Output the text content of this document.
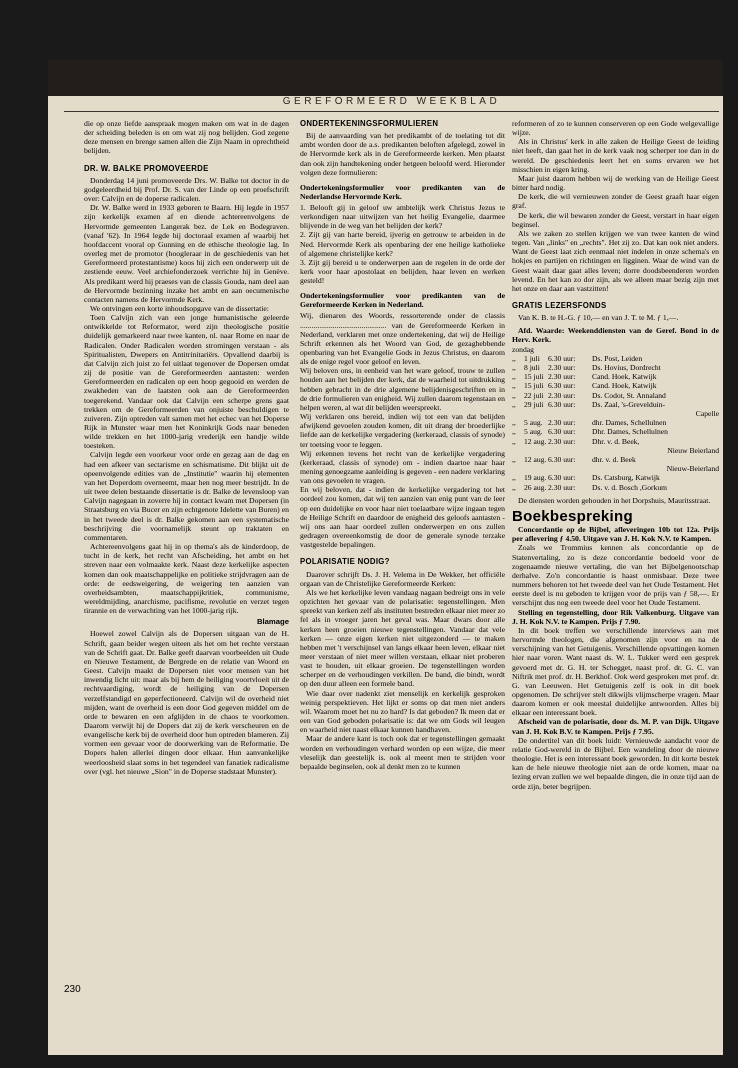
GEREFORMEERD WEEKBLAD

die op onze liefde aanspraak mogen maken om wat in de dagen der scheiding beleden is en om wat zij nog belijden. God zegene deze mensen en brenge samen allen die Zijn Naam in oprechtheid belijden.

DR. W. BALKE PROMOVEERDE

Donderdag 14 juni promoveerde Drs. W. Balke tot doctor in de godgeleerdheid bij Prof. Dr. S. van der Linde op een proefschrift over: Calvijn en de doperse radicalen.

Dr. W. Balke werd in 1933 geboren te Baarn. Hij legde in 1957 zijn kerkelijk examen af en diende achtereenvolgens de Hervormde gemeenten Langerak bez. de Lek en Bodegraven. (vanaf '62). In 1964 legde hij doctoraal examen af waarbij het hoofdaccent vooral op Gunning en de ethische theologie lag. In overleg met de promotor (hoogleraar in de geschiedenis van het Gereformeerd protestantisme) koos hij zich een onderwerp uit de zestiende eeuw. Veel archiefonderzoek verrichte hij in Genève. Als predikant werd hij praeses van de classis Gouda, nam deel aan de Hervormde bezinning inzake het ambt en aan oecumenische contacten namens de Hervormde Kerk.

We ontvingen een korte inhoudsopgave van de dissertatie:

Toen Calvijn zich van een jonge humanistische geleerde ontwikkelde tot Reformator, werd zijn theologische positie duidelijk gemarkeerd naar twee kanten, nl. naar Rome en naar de Radicalen. Onder Radicalen worden stromingen verstaan - als Spiritualisten, Dwepers en Antitrinitariërs. Opvallend daarbij is dat Calvijn zich juist zo fel uitlaat tegenover de Dopersen omdat zij de positie van de Gereformeerden aantasten: werden Gereformeerden en radicalen op een hoop gegooid en werden de zwakheden van de laatsten ook aan de Gereformeerden toegerekend. Vandaar ook dat Calvijn een scherpe grens gaat trekken om de Gereformeerden van onjuiste beschuldigen te zuiveren. Zijn optreden valt samen met het echec van het Doperse Rijk in Munster waar men het Koninkrijk Gods naar beneden wilde trekken en het 1000-jarig vrederijk een handje wilde toesteken.

Calvijn legde een voorkeur voor orde en gezag aan de dag en had een afkeer van sectarisme en schismatisme. Dit blijkt uit de opeenvolgende edities van de „Institutie" waarin hij elementen van het Doperdom overneemt, maar hen nog meer bestrijdt. In de uit twee delen bestaande dissertatie is dr. Balke de levensloop van Calvijn nagegaan in zoverre hij in contact kwam met Dopersen (in Straatsburg en via Bucer en zijn echtgenote Idelette van Buren) en in het tweede deel is dr. Balke gekomen aan een systematische beschrijving die voornamelijk steunt op traktaten en commentaren.

Achtereenvolgens gaat hij in op thema's als de kinderdoop, de tucht in de kerk, het recht van Afscheiding, het ambt en het streven naar een volmaakte kerk. Naast deze kerkelijke aspecten komen dan ook maatschappelijke en politieke strijdvragen aan de orde: de eedsweigering, de weigering ten aanzien van overheidsambten, maatschappijkritiek, communisme, wereldmijding, anarchisme, pacifisme, revolutie en verzet tegen tirannie en de verwachting van het 1000-jarig rijk.

Blamage

Hoewel zowel Calvijn als de Dopersen uitgaan van de H. Schrift, gaan beider wegen uiteen als het om het rechte verstaan van de Schrift gaat. Dr. Balke geeft daarvan voorbeelden uit Oude en Nieuwe Testament, de Bergrede en de relatie van Woord en Geest. Calvijn maakt de Dopersen niet voor mensen van het inwendig licht uit: maar als bij hem de heiliging voortvloeit uit de rechtvaardiging, wordt de heiliging van de Dopersen verzelfstandigd en geperfectioneerd. Calvijn wil de overheid niet mijden, want de overheid is een door God gegeven middel om de orde te bewaren en een afglijden in de chaos te voorkomen. Daarom verwijt hij de Dopers dat zij de kerk verscheuren en de evangelische kerk bij de overheid door hun optreden blameren. Zij vormen een gevaar voor de doorwerking van de Reformatie. De Dopers halen allerlei dingen door elkaar. Hun aanvankelijke weerloosheid slaat soms in het tegendeel van fanatiek radicalisme over (vgl. het nieuwe „Sion" in de Doperse stadstaat Munster).

ONDERTEKENINGSFORMULIEREN

Bij de aanvaarding van het predikambt of de toelating tot dit ambt worden door de a.s. predikanten beloften afgelegd, zowel in de Hervormde kerk als in de Gereformeerde kerken. Men plaatst dan ook zijn handtekening onder hetgeen beloofd werd. Hieronder volgen deze formulieren:

Ondertekeningsformulier voor predikanten van de Nederlandse Hervormde Kerk.

1. Belooft gij in geloof uw ambtelijk werk Christus Jezus te verkondigen naar uitwijzen van het heilig Evangelie, daarmee blijvende in de weg van het belijden der kerk?

2. Zijt gij van harte bereid, ijverig en getrouw te arbeiden in de Ned. Hervormde Kerk als openbaring der ene heilige katholieke of algemene christelijke kerk?

3. Zijt gij bereid u te onderwerpen aan de regelen in de orde der kerk voor haar apostolaat en belijden, haar leven en werken gesteld!

Ondertekeningsformulier voor predikanten van de Gereformeerde Kerken in Nederland.

Wij, dienaren des Woords, ressorterende onder de classis ............................................. van de Gereformeerde Kerken in Nederland, verklaren met onze ondertekening, dat wij de Heilige Schrift erkennen als het Woord van God, de gezaghebbende openbaring van het Evangelie Gods in Jezus Christus, en daarom als de enige regel voor geloof en leven.

Wij beloven ons, in eenheid van het ware geloof, trouw te zullen houden aan het belijden der kerk, dat de waarheid tot uitdrukking hebben gebracht in de drie algemene belijdenisgeschriften en in de drie formulieren van enigheid. Wij zullen daarom tegenstaan en helpen weren, al wat dit belijden weerspreekt.

Wij verklaren ons bereid, indien wij tot een van dat belijden afwijkend gevoelen zouden komen, dit uit drang der broederlijke liefde aan de kerkelijke vergadering (kerkeraad, classis of synode) ter toetsing voor te leggen.

Wij erkennen tevens het recht van de kerkelijke vergadering (kerkeraad, classis of synode) om - indien daartoe naar haar mening genoegzame aanleiding is gegeven - een nadere verklaring van ons gevoelen te vragen.

En wij beloven, dat - indien de kerkelijke vergadering tot het oordeel zou komen, dat wij ten aanzien van enig punt van de leer op een duidelijke en voor haar niet toelaatbare wijze ingaan tegen de Heilige Schrift en daardoor de enigheid des geloofs aantasten - wij ons aan haar oordeel zullen onderwerpen en ons zullen gedragen overeenkomstig de door de generale synode terzake vastgestelde bepalingen.

POLARISATIE NODIG?

Daarover schrijft Ds. J. H. Velema in De Wekker, het officiële orgaan van de Christelijke Gereformeerde Kerken:

Als we het kerkelijke leven vandaag nagaan bedreigt ons in vele opzichten het gevaar van de polarisatie: tegenstellingen. Men spreekt van kerken zelf als instituten bestreden elkaar niet meer zo fel als in vroeger jaren het geval was. Maar dwars door alle kerken heen groeien nieuwe tegenstellingen. Vandaar dat vele kerken — onze eigen kerken niet uitgezonderd — te maken hebben met 't verschijnsel van langs elkaar heen leven, elkaar niet meer verstaan of niet meer willen verstaan, elkaar niet proberen vast te houden, uit elkaar groeien. De tegenstellingen worden scherper en de verhoudingen verkillen. De band, die bindt, wordt op den duur alleen een formele band.

Wie daar over nadenkt ziet menselijk en kerkelijk gesproken weinig perspektieven. Het lijkt er soms op dat men niet anders wil. Waarom moet het nu zo hard? Is dat geboden? Ik meen dat er een van God geboden polarisatie is: dat we om Gods wil leugen en waarheid niet naast elkaar kunnen handhaven.

Maar de andere kant is toch ook dat er tegenstellingen gemaakt worden en verhoudingen verhard worden op een wijze, die meer vleselijk dan geestelijk is. ook al meent men te strijden voor bepaalde beginselen, ook al denkt men zo te kunnen

reformeren of zo te kunnen conserveren op een Gode welgevallige wijze.

Als in Christus' kerk in alle zaken de Heilige Geest de leiding niet heeft, dan gaat het in de kerk vaak nog scherper toe dan in de wereld. De geschiedenis leert het en soms ervaren we het misschien in eigen kring.

Maar juist daarom hebben wij de werking van de Heilige Geest bitter hard nodig.

De kerk, die wil vernieuwen zonder de Geest graaft haar eigen graf.

De kerk, die wil bewaren zonder de Geest, verstart in haar eigen beginsel.

Als we zaken zo stellen krijgen we van twee kanten de wind tegen. Van „links" en „rechts". Het zij zo. Dat kan ook niet anders. Want de Geest laat zich eenmaal niet indelen in onze schema's en hokjes en partijen en richtingen en ligginen. Waar de wind van de Geest waait daar gaat alles leven; dorre doodsbeenderen worden levend. En het kan zo dor zijn, als we alleen maar bezig zijn met het onze en daar aan vastzitten!

GRATIS LEZERSFONDS

Van K. B. te H.-G. ƒ 10,— en van J. T. te M. ƒ 1,—.

Afd. Waarde: Weekenddiensten van de Geref. Bond in de Herv. Kerk.

zondag
,,	1 juli	6.30 uur:	Ds. Post, Leiden
,,	8 juli	2.30 uur:	Ds. Hovius, Dordrecht
,,	15 juli 2.30 uur:	Cand. Hoek, Katwijk
,,	15 juli 6.30 uur:	Cand. Hoek, Katwijk
,,	22 juli 2.30 uur:	Ds. Codot, St. Annaland
,,	29 juli 6.30 uur:	Ds. Zaal, 's-Grevelduin-
Capelle
,,	5 aug. 2.30 uur:	dhr. Dames, Schellulnen
,,	5 aug. 6.30 uur:	Dhr. Dames, Schellulnen
,,	12 aug. 2.30 uur:	Dhr. v. d. Beek,
Nieuw Beierland
,,	12 aug. 6.30 uur:	dhr. v. d. Beek
Nieuw-Beierland
,,	19 aug. 6.30 uur:	Ds. Catsburg, Katwijk
,,	26 aug. 2.30 uur:	Ds. v. d. Bosch ,Gorkum

De diensten worden gehouden in het Dorpshuis, Mauritsstraat.

Boekbespreking

Concordantie op de Bijbel, afleveringen 10b tot 12a. Prijs per aflevering ƒ 4.50. Uitgave van J. H. Kok N.V. te Kampen.

Zoals we Trommius kennen als concordantie op de Statenvertaling, zo is deze concordantie bedoeld voor de zogenaamde nieuwe vertaling, die van het Bijbelgenootschap derhalve. Zo'n concordantie is haast onmisbaar. Deze twee nummers behoren tot het tweede deel van het Oude Testament. Het eerste deel is nu geboden te krijgen voor de prijs van ƒ 58,—. Er verschijnt dus nog een tweede deel voor het Oude Testament.

Stelling en tegenstelling, door Rik Valkenburg. Uitgave van J. H. Kok N.V. te Kampen. Prijs ƒ 7.90.

In dit boek treffen we verschillende interviews aan met hervormde theologen, die afgenomen zijn voor en na de verschijning van het Getuigenis. Verschillende opvattingen komen hier naar voren. Want naast ds. W. L. Tukker werd een gesprek gevoerd met dr. G. H. ter Schegget, naast prof. dr. G. C. van Niftrik met prof. dr. H. Berkhof. Ook werd gesproken met prof. dr. G. van Leeuwen. Het Getuigenis zelf is ook in dit boek opgenomen. De schrijver stelt dikwijls vlijmscherpe vragen. Maar daarom komen er ook meestal duidelijke antwoorden. Alles bij elkaar een interessant boek.

Afscheid van de polarisatie, door ds. M. P. van Dijk. Uitgave van J. H. Kok B.V. te Kampen. Prijs ƒ 7.95.

De ondertitel van dit boek luidt: Vernieuwde aandacht voor de relatie God-wereld in de Bijbel. Een wandeling door de nieuwe theologie. Het is een interessant boek geworden. In dit korte bestek kan de hele nieuwe theologie niet aan de orde komen, maar na lezing ervan zullen we wel bepaalde dingen, die in onze tijd aan de orde zijn, beter begrijpen.

230
